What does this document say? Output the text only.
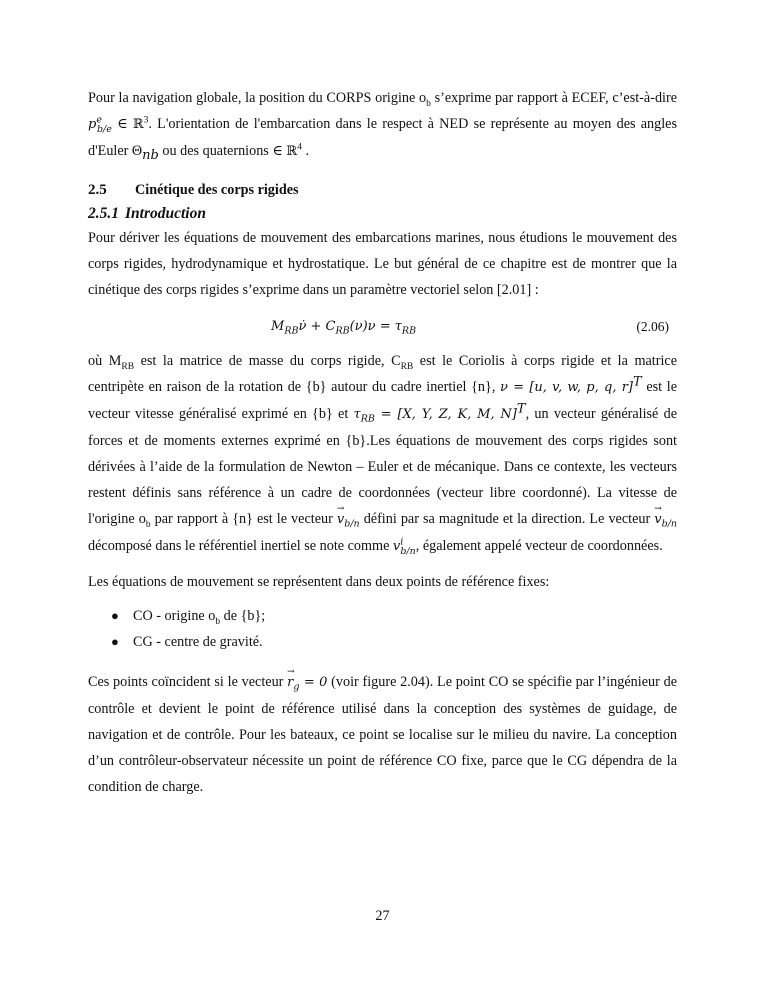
Pour la navigation globale, la position du CORPS origine $o_b$ s’exprime par rapport à ECEF, c’est-à-dire $p^e_{b/e}$ ∈ ℝ$^3$. L'orientation de l'embarcation dans le respect à NED se représente au moyen des angles d'Euler $\Theta_{nb}$ ou des quaternions ∈ ℝ$^4$ .

2.5 Cinétique des corps rigides
2.5.1 Introduction

Pour dériver les équations de mouvement des embarcations marines, nous étudions le mouvement des corps rigides, hydrodynamique et hydrostatique. Le but général de ce chapitre est de montrer que la cinétique des corps rigides s’exprime dans un paramètre vectoriel selon [2.01] :

$M_{RB}\nu̇ + C_{RB}(\nu)\nu = \tau_{RB}$	(2.06)

où $M_{RB}$ est la matrice de masse du corps rigide, $C_{RB}$ est le Coriolis à corps rigide et la matrice centripète en raison de la rotation de {b} autour du cadre inertiel {n}, ν = [u, v, w, p, q, r]$^T$ est le vecteur vitesse généralisé exprimé en {b} et $\tau_{RB} = [X$, Y, Z, K, M, N]$^T$, un vecteur généralisé de forces et de moments externes exprimé en {b}.Les équations de mouvement des corps rigides sont dérivées à l’aide de la formulation de Newton – Euler et de mécanique. Dans ce contexte, les vecteurs restent définis sans référence à un cadre de coordonnées (vecteur libre coordonné). La vitesse de l'origine $o_b$ par rapport à {n} est le vecteur → $v_{b/n}$ défini par sa magnitude et la direction. Le vecteur → $v_{b/n}$ décomposé dans le référentiel inertiel se note comme $v^i_{b/n}$, également appelé vecteur de coordonnées.

Les équations de mouvement se représentent dans deux points de référence fixes:

● CO - origine $o_b$ de {b};
● CG - centre de gravité.

Ces points coïncident si le vecteur → $r_g = 0$ (voir figure 2.04). Le point CO se spécifie par l’ingénieur de contrôle et devient le point de référence utilisé dans la conception des systèmes de guidage, de navigation et de contrôle. Pour les bateaux, ce point se localise sur le milieu du navire. La conception d’un contrôleur-observateur nécessite un point de référence CO fixe, parce que le CG dépendra de la condition de charge.

27
